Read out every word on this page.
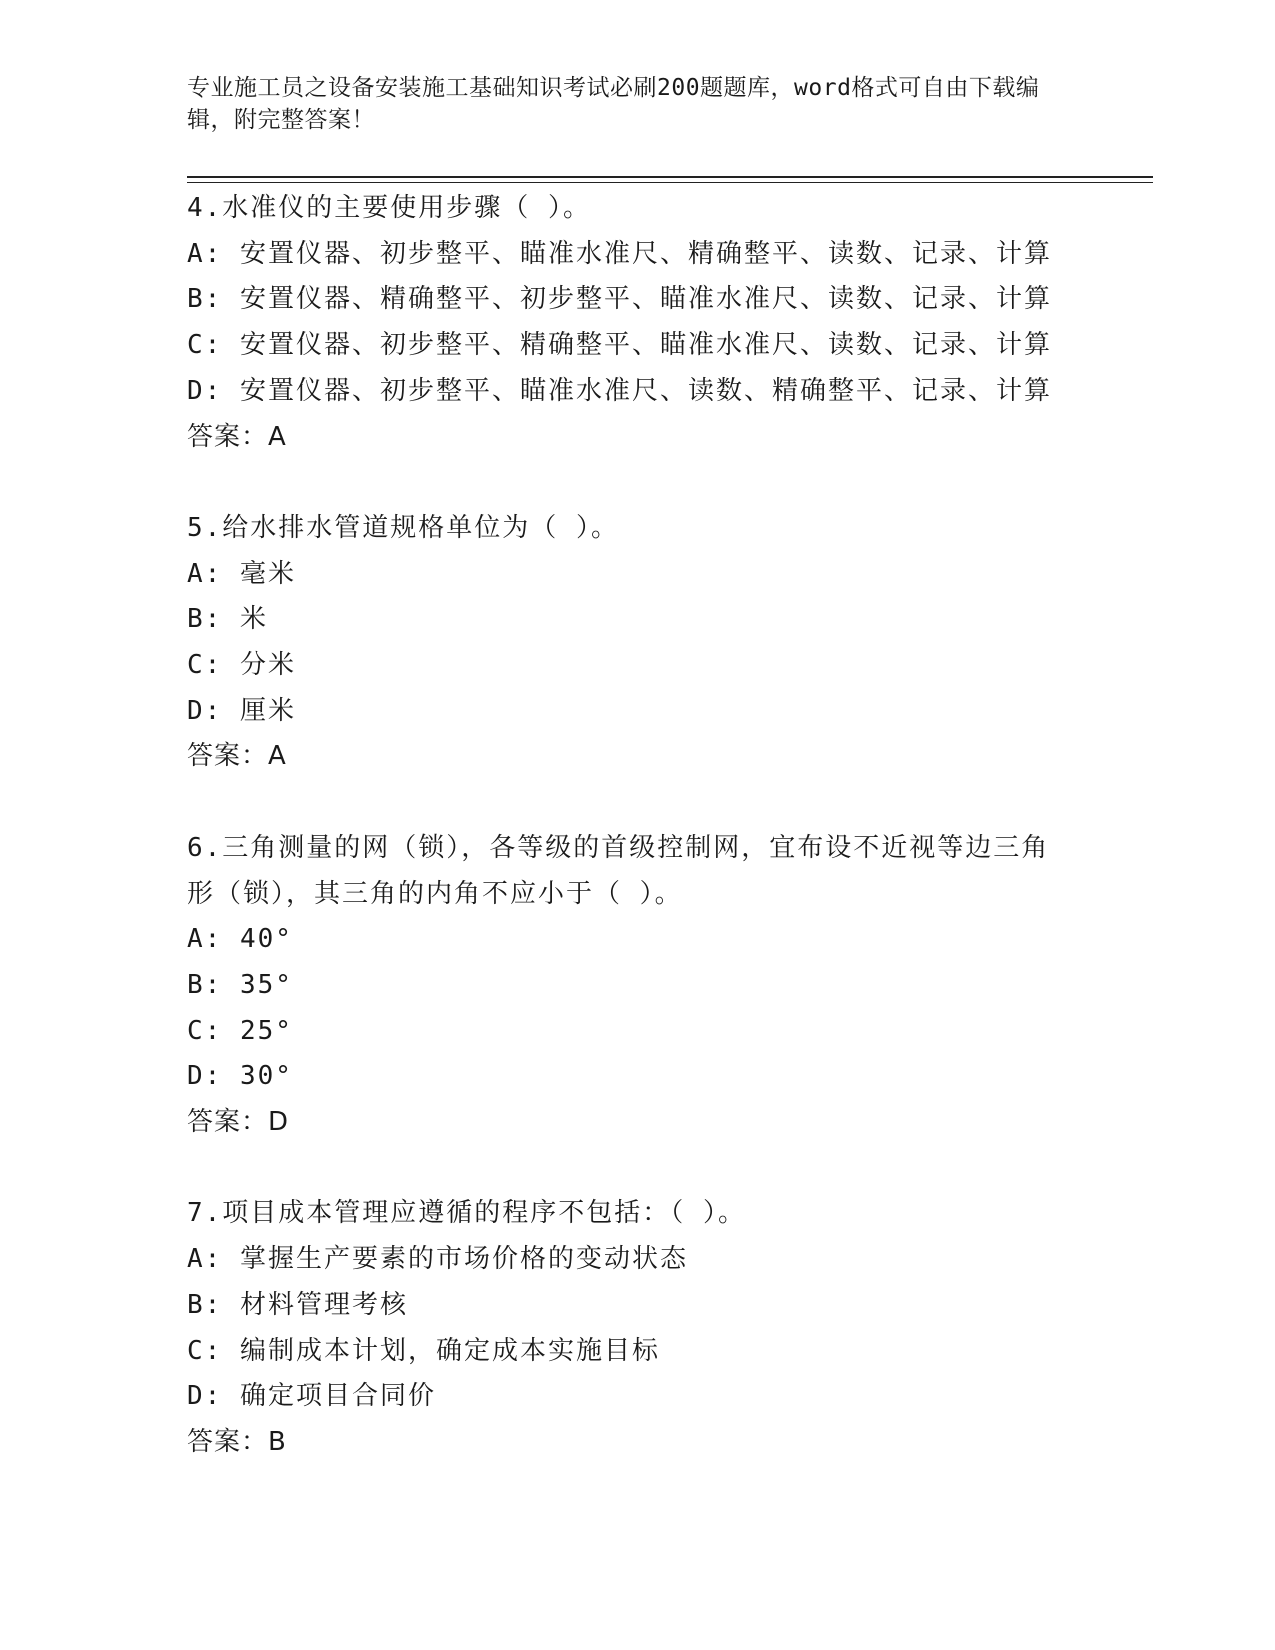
专业施工员之设备安装施工基础知识考试必刷200题题库，word格式可自由下载编辑，附完整答案！
4.水准仪的主要使用步骤（ ）。
A: 安置仪器、初步整平、瞄准水准尺、精确整平、读数、记录、计算
B: 安置仪器、精确整平、初步整平、瞄准水准尺、读数、记录、计算
C: 安置仪器、初步整平、精确整平、瞄准水准尺、读数、记录、计算
D: 安置仪器、初步整平、瞄准水准尺、读数、精确整平、记录、计算
答案：A
5.给水排水管道规格单位为（ ）。
A: 毫米
B: 米
C: 分米
D: 厘米
答案：A
6.三角测量的网（锁），各等级的首级控制网，宜布设不近视等边三角形（锁），其三角的内角不应小于（ ）。
A: 40°
B: 35°
C: 25°
D: 30°
答案：D
7.项目成本管理应遵循的程序不包括：（ ）。
A: 掌握生产要素的市场价格的变动状态
B: 材料管理考核
C: 编制成本计划，确定成本实施目标
D: 确定项目合同价
答案：B
